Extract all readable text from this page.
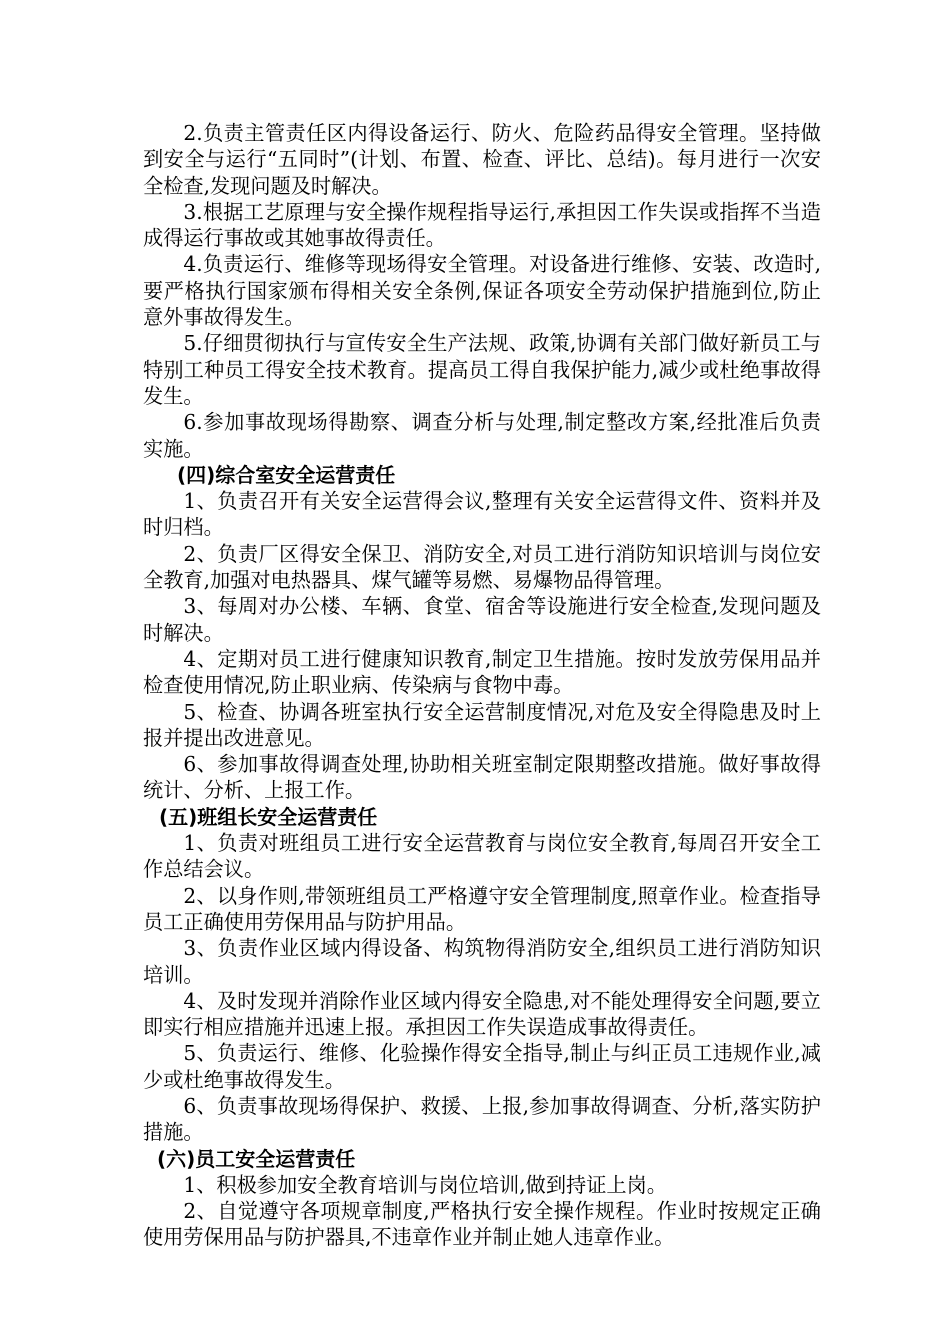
2.负责主管责任区内得设备运行、防火、危险药品得安全管理。坚持做到安全与运行“五同时”(计划、布置、检查、评比、总结)。每月进行一次安全检查,发现问题及时解决。

3.根据工艺原理与安全操作规程指导运行,承担因工作失误或指挥不当造成得运行事故或其她事故得责任。

4.负责运行、维修等现场得安全管理。对设备进行维修、安装、改造时,要严格执行国家颁布得相关安全条例,保证各项安全劳动保护措施到位,防止意外事故得发生。

5.仔细贯彻执行与宣传安全生产法规、政策,协调有关部门做好新员工与特别工种员工得安全技术教育。提高员工得自我保护能力,减少或杜绝事故得发生。

6.参加事故现场得勘察、调查分析与处理,制定整改方案,经批准后负责实施。

(四)综合室安全运营责任

1、负责召开有关安全运营得会议,整理有关安全运营得文件、资料并及时归档。

2、负责厂区得安全保卫、消防安全,对员工进行消防知识培训与岗位安全教育,加强对电热器具、煤气罐等易燃、易爆物品得管理。

3、每周对办公楼、车辆、食堂、宿舍等设施进行安全检查,发现问题及时解决。

4、定期对员工进行健康知识教育,制定卫生措施。按时发放劳保用品并检查使用情况,防止职业病、传染病与食物中毒。

5、检查、协调各班室执行安全运营制度情况,对危及安全得隐患及时上报并提出改进意见。

6、参加事故得调查处理,协助相关班室制定限期整改措施。做好事故得统计、分析、上报工作。

(五)班组长安全运营责任

1、负责对班组员工进行安全运营教育与岗位安全教育,每周召开安全工作总结会议。

2、以身作则,带领班组员工严格遵守安全管理制度,照章作业。检查指导员工正确使用劳保用品与防护用品。

3、负责作业区域内得设备、构筑物得消防安全,组织员工进行消防知识培训。

4、及时发现并消除作业区域内得安全隐患,对不能处理得安全问题,要立即实行相应措施并迅速上报。承担因工作失误造成事故得责任。

5、负责运行、维修、化验操作得安全指导,制止与纠正员工违规作业,减少或杜绝事故得发生。

6、负责事故现场得保护、救援、上报,参加事故得调查、分析,落实防护措施。

(六)员工安全运营责任

1、积极参加安全教育培训与岗位培训,做到持证上岗。

2、自觉遵守各项规章制度,严格执行安全操作规程。作业时按规定正确使用劳保用品与防护器具,不违章作业并制止她人违章作业。
